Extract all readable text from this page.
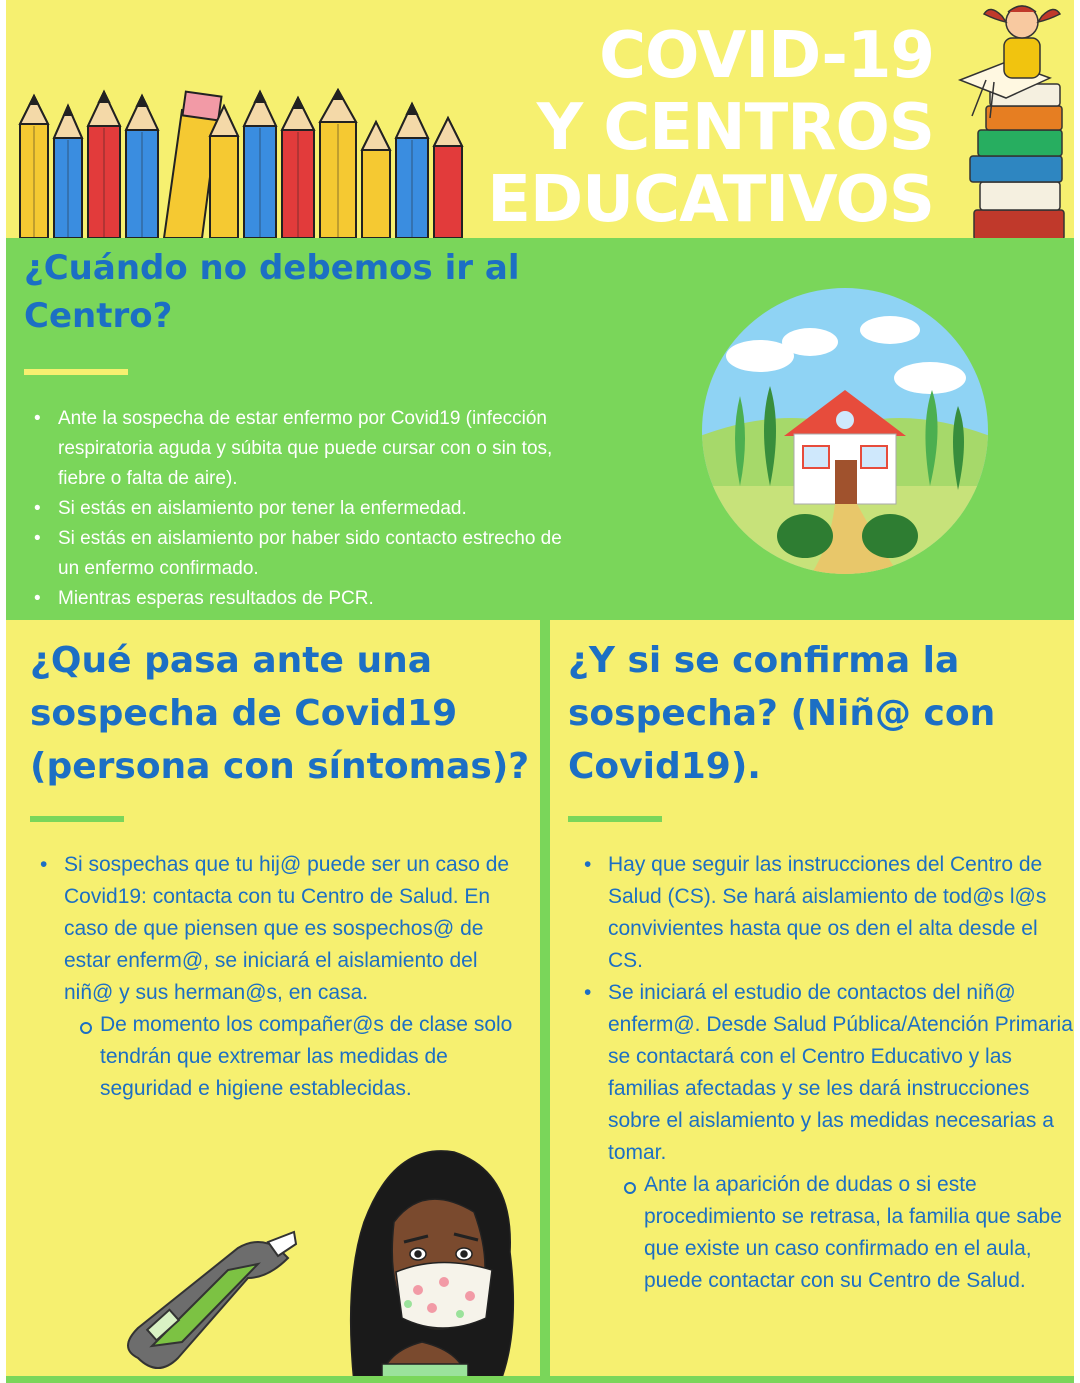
COVID-19
Y CENTROS
EDUCATIVOS
¿Cuándo no debemos ir al
Centro?
• Ante la sospecha de estar enfermo por Covid19 (infección respiratoria aguda y súbita que puede cursar con o sin tos, fiebre o falta de aire).
• Si estás en aislamiento por tener la enfermedad.
• Si estás en aislamiento por haber sido contacto estrecho de un enfermo confirmado.
• Mientras esperas resultados de PCR.
¿Qué pasa ante una
sospecha de Covid19
(persona con síntomas)?
• Si sospechas que tu hij@ puede ser un caso de Covid19: contacta con tu Centro de Salud. En caso de que piensen que es sospechos@ de estar enferm@, se iniciará el aislamiento del niñ@ y sus herman@s, en casa.
De momento los compañer@s de clase solo tendrán que extremar las medidas de seguridad e higiene establecidas.
¿Y si se confirma la
sospecha? (Niñ@ con
Covid19).
• Hay que seguir las instrucciones del Centro de Salud (CS). Se hará aislamiento de tod@s l@s convivientes hasta que os den el alta desde el CS.
• Se iniciará el estudio de contactos del niñ@ enferm@. Desde Salud Pública/Atención Primaria se contactará con el Centro Educativo y las familias afectadas y se les dará instrucciones sobre el aislamiento y las medidas necesarias a tomar.
Ante la aparición de dudas o si este procedimiento se retrasa, la familia que sabe que existe un caso confirmado en el aula, puede contactar con su Centro de Salud.
